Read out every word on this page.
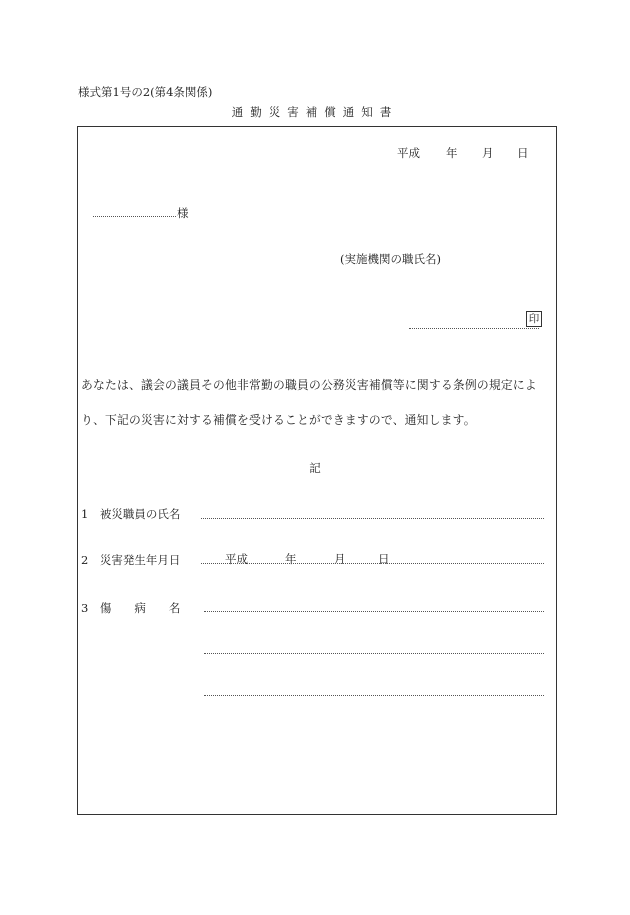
様式第1号の2(第4条関係)
通勤災害補償通知書
平成 年 月 日
様
(実施機関の職氏名)
印
あなたは、議会の議員その他非常勤の職員の公務災害補償等に関する条例の規定によ
り、下記の災害に対する補償を受けることができますので、通知します。
記
1　被災職員の氏名
2　災害発生年月日	平成	年	月	日
3　傷　　病　　名
